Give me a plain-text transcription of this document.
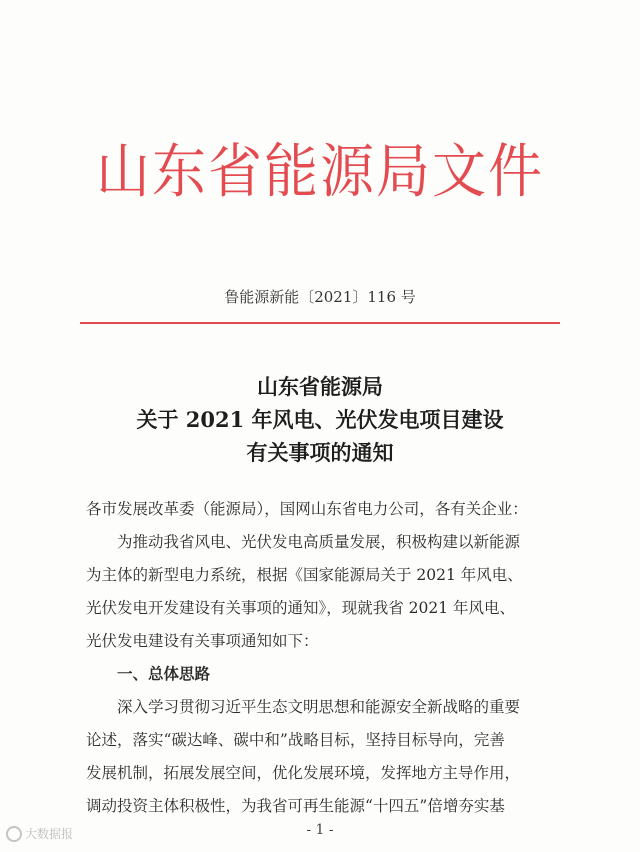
山东省能源局文件
鲁能源新能〔2021〕116 号
山东省能源局
关于 2021 年风电、光伏发电项目建设
有关事项的通知

各市发展改革委（能源局），国网山东省电力公司，各有关企业：

为推动我省风电、光伏发电高质量发展，积极构建以新能源

为主体的新型电力系统，根据《国家能源局关于 2021 年风电、

光伏发电开发建设有关事项的通知》，现就我省 2021 年风电、

光伏发电建设有关事项通知如下：

一、总体思路

深入学习贯彻习近平生态文明思想和能源安全新战略的重要

论述，落实“碳达峰、碳中和”战略目标，坚持目标导向，完善

发展机制，拓展发展空间，优化发展环境，发挥地方主导作用，

调动投资主体积极性，为我省可再生能源“十四五”倍增夯实基

- 1 -
大数据报
